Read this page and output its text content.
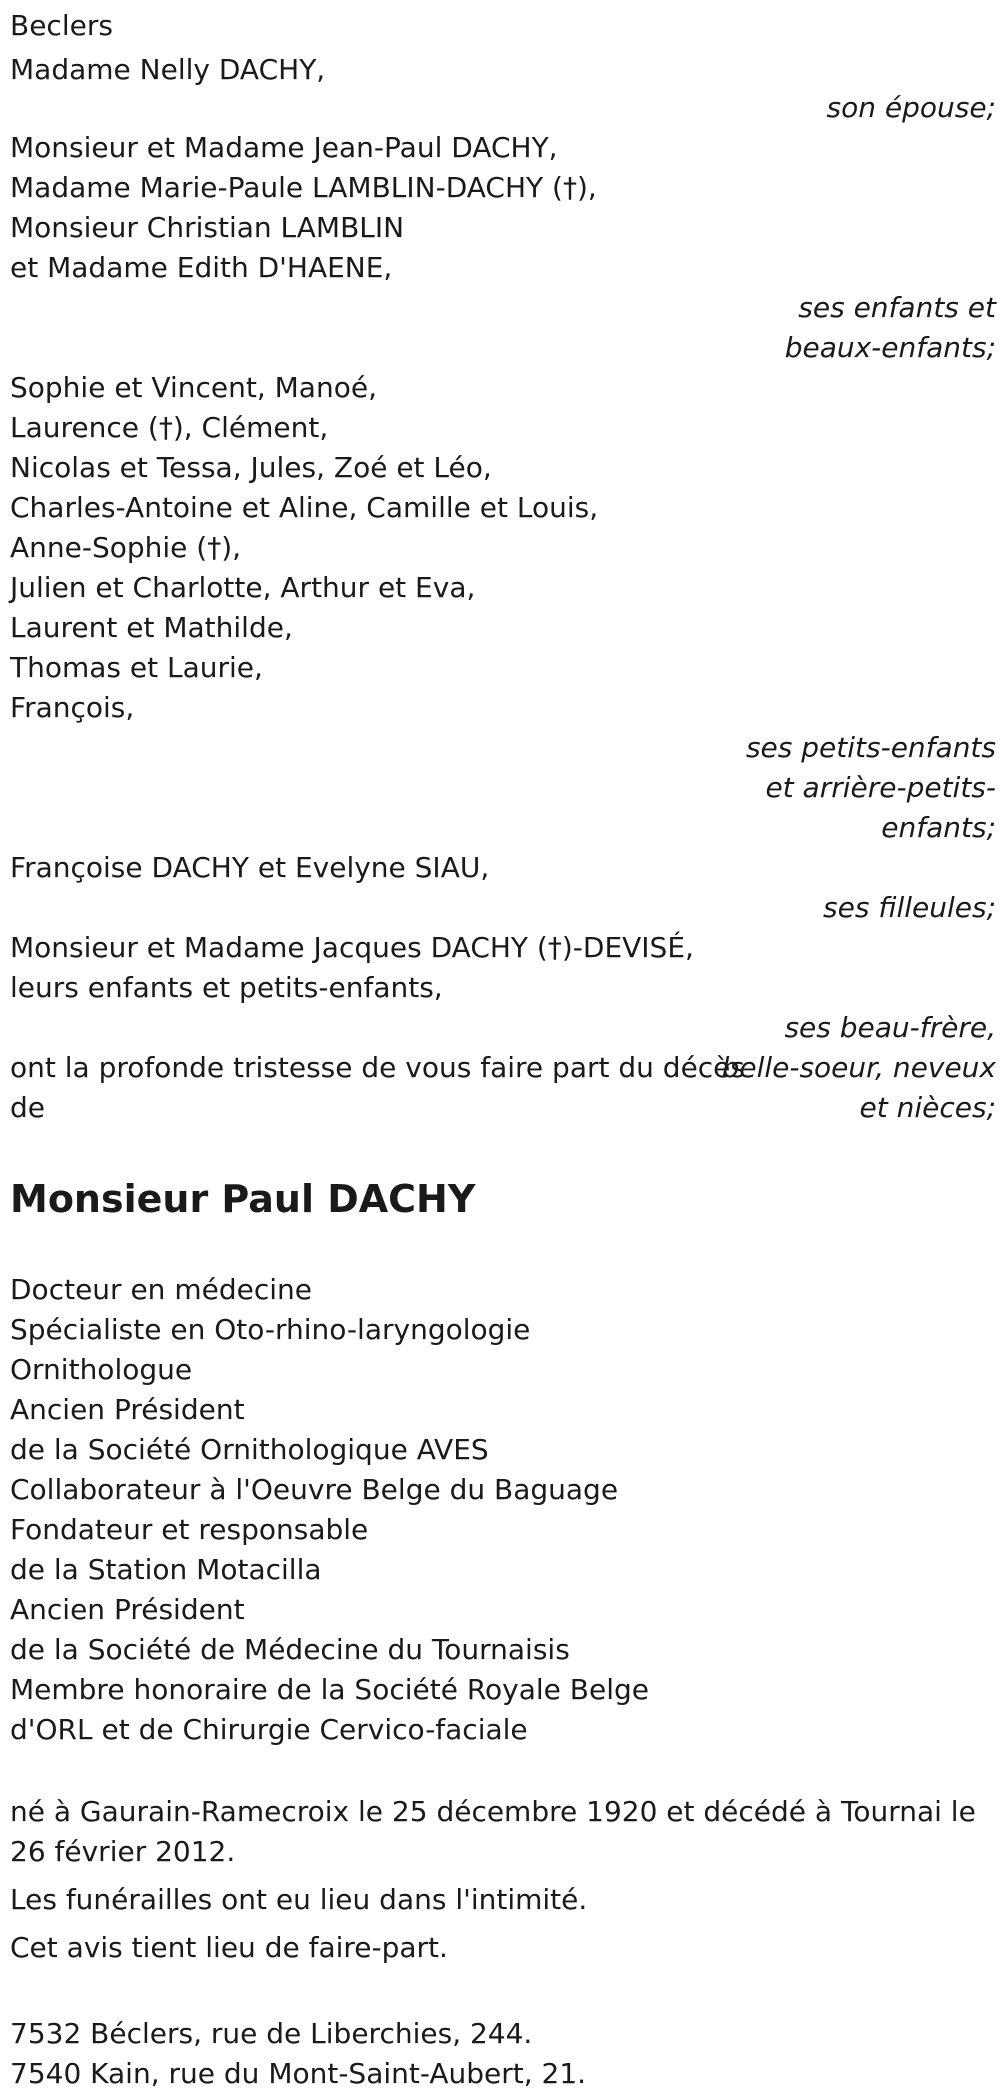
Beclers
Madame Nelly DACHY,
son épouse;
Monsieur et Madame Jean-Paul DACHY,
Madame Marie-Paule LAMBLIN-DACHY (†),
Monsieur Christian LAMBLIN
et Madame Edith D'HAENE,
ses enfants et
beaux-enfants;
Sophie et Vincent, Manoé,
Laurence (†), Clément,
Nicolas et Tessa, Jules, Zoé et Léo,
Charles-Antoine et Aline, Camille et Louis,
Anne-Sophie (†),
Julien et Charlotte, Arthur et Eva,
Laurent et Mathilde,
Thomas et Laurie,
François,
ses petits-enfants
et arrière-petits-
enfants;
Françoise DACHY et Evelyne SIAU,
ses filleules;
Monsieur et Madame Jacques DACHY (†)-DEVISÉ,
leurs enfants et petits-enfants,
ses beau-frère,
belle-soeur, neveux
et nièces;
ont la profonde tristesse de vous faire part du décès
de
Monsieur Paul DACHY
Docteur en médecine
Spécialiste en Oto-rhino-laryngologie
Ornithologue
Ancien Président
de la Société Ornithologique AVES
Collaborateur à l'Oeuvre Belge du Baguage
Fondateur et responsable
de la Station Motacilla
Ancien Président
de la Société de Médecine du Tournaisis
Membre honoraire de la Société Royale Belge
d'ORL et de Chirurgie Cervico-faciale
né à Gaurain-Ramecroix le 25 décembre 1920 et décédé à Tournai le 26 février 2012.
Les funérailles ont eu lieu dans l'intimité.
Cet avis tient lieu de faire-part.
7532 Béclers, rue de Liberchies, 244.
7540 Kain, rue du Mont-Saint-Aubert, 21.
